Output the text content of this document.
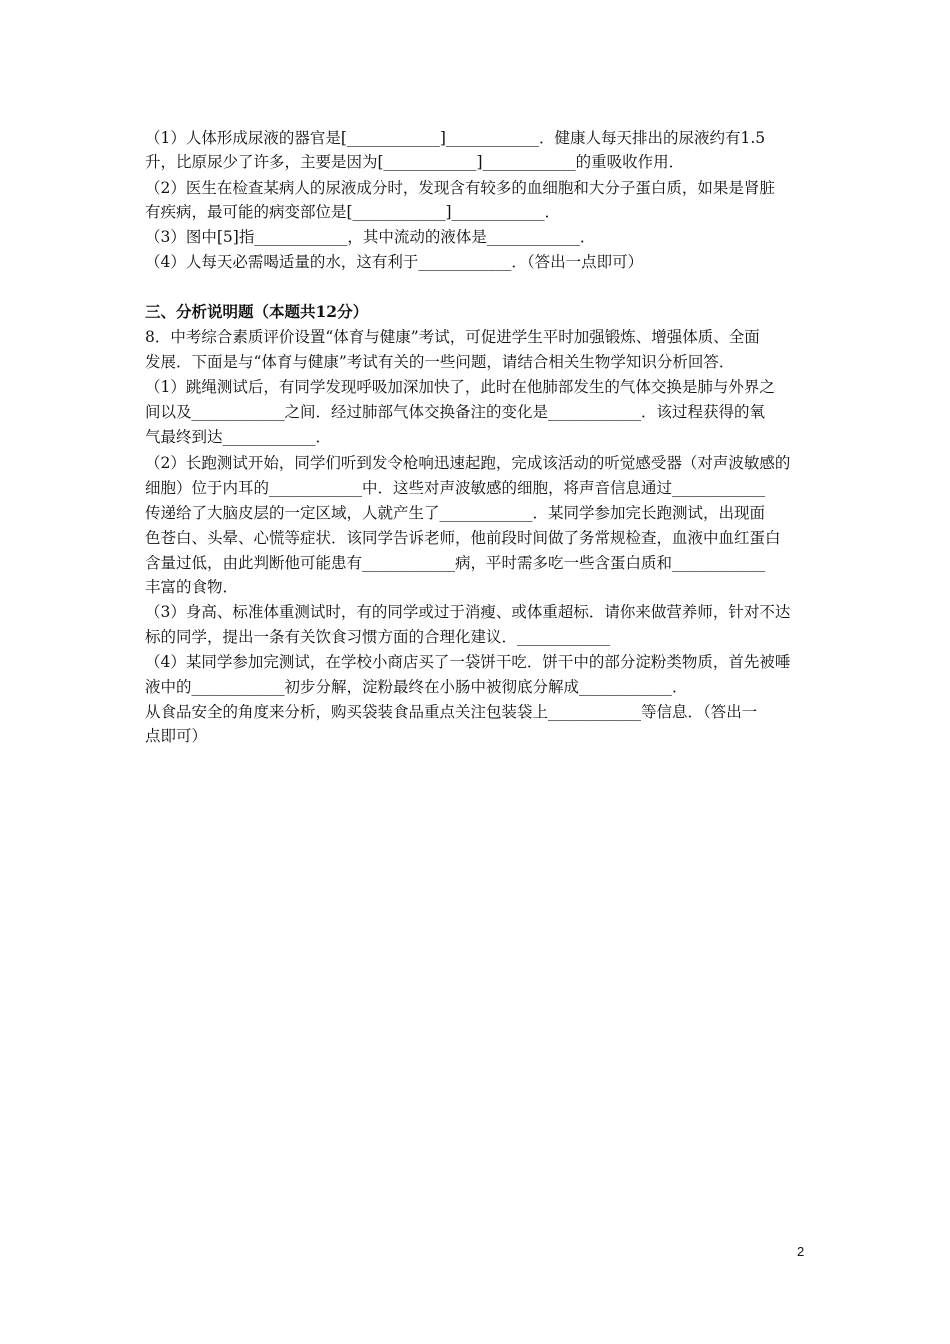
（1）人体形成尿液的器官是[____________]____________．健康人每天排出的尿液约有1.5
升，比原尿少了许多，主要是因为[____________]____________的重吸收作用．
（2）医生在检查某病人的尿液成分时，发现含有较多的血细胞和大分子蛋白质，如果是肾脏
有疾病，最可能的病变部位是[____________]____________．
（3）图中[5]指____________，其中流动的液体是____________．
（4）人每天必需喝适量的水，这有利于____________．（答出一点即可）
三、分析说明题（本题共12分）
8．中考综合素质评价设置“体育与健康”考试，可促进学生平时加强锻炼、增强体质、全面
发展．下面是与“体育与健康”考试有关的一些问题，请结合相关生物学知识分析回答．
（1）跳绳测试后，有同学发现呼吸加深加快了，此时在他肺部发生的气体交换是肺与外界之
间以及____________之间．经过肺部气体交换备注的变化是____________．该过程获得的氧
气最终到达____________．
（2）长跑测试开始，同学们听到发令枪响迅速起跑，完成该活动的听觉感受器（对声波敏感的
细胞）位于内耳的____________中．这些对声波敏感的细胞，将声音信息通过____________
传递给了大脑皮层的一定区域，人就产生了____________．某同学参加完长跑测试，出现面
色苍白、头晕、心慌等症状．该同学告诉老师，他前段时间做了务常规检查，血液中血红蛋白
含量过低，由此判断他可能患有____________病，平时需多吃一些含蛋白质和____________
丰富的食物．
（3）身高、标准体重测试时，有的同学或过于消瘦、或体重超标．请你来做营养师，针对不达
标的同学，提出一条有关饮食习惯方面的合理化建议．____________
（4）某同学参加完测试，在学校小商店买了一袋饼干吃．饼干中的部分淀粉类物质，首先被唾
液中的____________初步分解，淀粉最终在小肠中被彻底分解成____________．
从食品安全的角度来分析，购买袋装食品重点关注包装袋上____________等信息．（答出一
点即可）
2
